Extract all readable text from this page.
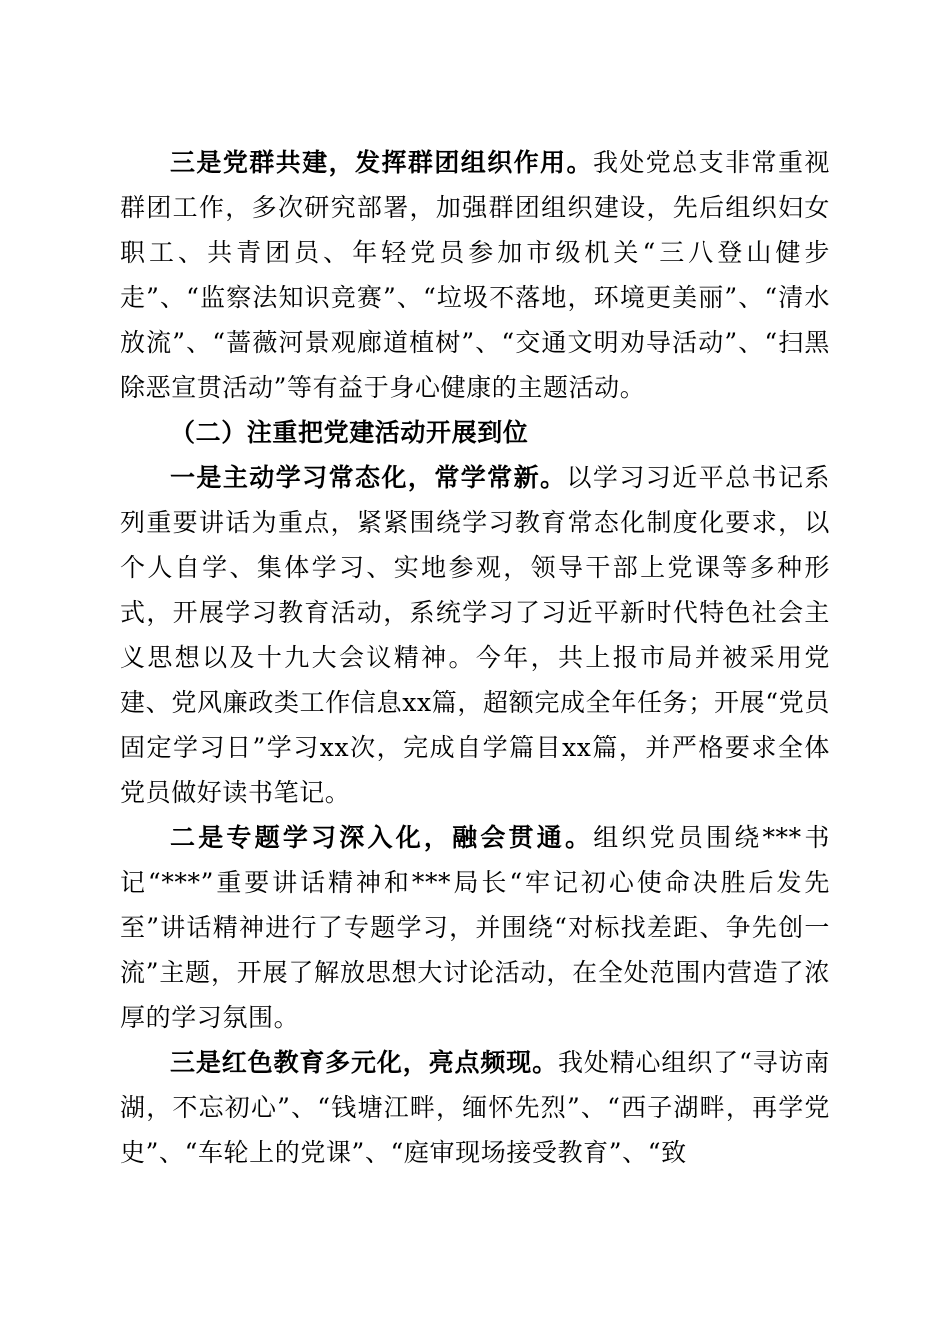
三是党群共建，发挥群团组织作用。我处党总支非常重视群团工作，多次研究部署，加强群团组织建设，先后组织妇女职工、共青团员、年轻党员参加市级机关“三八登山健步走”、“监察法知识竞赛”、“垃圾不落地，环境更美丽”、“清水放流”、“蔷薇河景观廊道植树”、“交通文明劝导活动”、“扫黑除恶宣贯活动”等有益于身心健康的主题活动。

（二）注重把党建活动开展到位

一是主动学习常态化，常学常新。以学习习近平总书记系列重要讲话为重点，紧紧围绕学习教育常态化制度化要求，以个人自学、集体学习、实地参观，领导干部上党课等多种形式，开展学习教育活动，系统学习了习近平新时代特色社会主义思想以及十九大会议精神。今年，共上报市局并被采用党建、党风廉政类工作信息xx篇，超额完成全年任务；开展“党员固定学习日”学习xx次，完成自学篇目xx篇，并严格要求全体党员做好读书笔记。

二是专题学习深入化，融会贯通。组织党员围绕***书记“***”重要讲话精神和***局长“牢记初心使命决胜后发先至”讲话精神进行了专题学习，并围绕“对标找差距、争先创一流”主题，开展了解放思想大讨论活动，在全处范围内营造了浓厚的学习氛围。

三是红色教育多元化，亮点频现。我处精心组织了“寻访南湖，不忘初心”、“钱塘江畔，缅怀先烈”、“西子湖畔，再学党史”、“车轮上的党课”、“庭审现场接受教育”、“致
